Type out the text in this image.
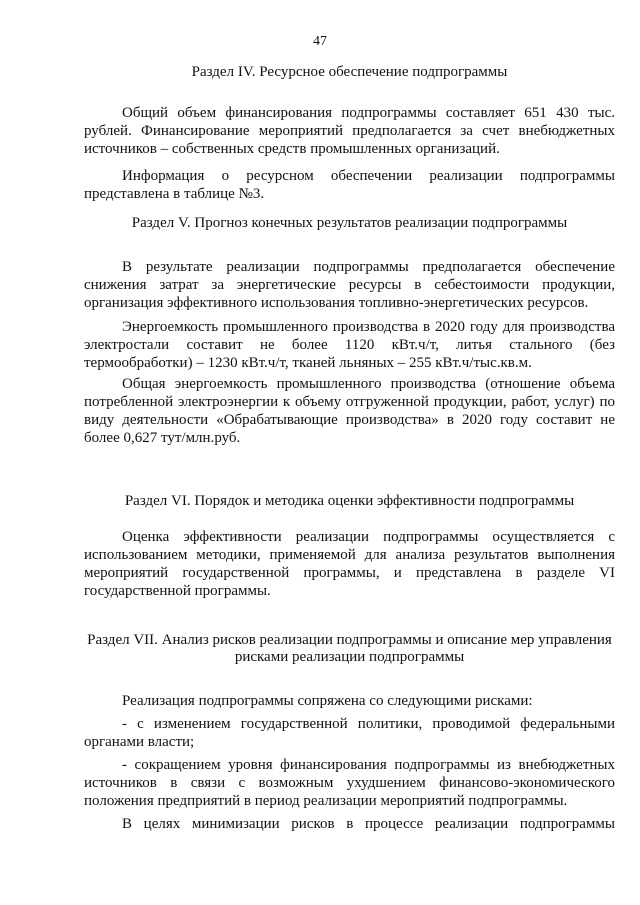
47
Раздел IV. Ресурсное обеспечение подпрограммы

Общий объем финансирования подпрограммы составляет 651 430 тыс. рублей. Финансирование мероприятий предполагается за счет внебюджетных источников – собственных средств промышленных организаций.

Информация о ресурсном обеспечении реализации подпрограммы представлена в таблице №3.

Раздел V. Прогноз конечных результатов реализации подпрограммы

В результате реализации подпрограммы предполагается обеспечение снижения затрат за энергетические ресурсы в себестоимости продукции, организация эффективного использования топливно-энергетических ресурсов.

Энергоемкость промышленного производства в 2020 году для производства электростали составит не более 1120 кВт.ч/т, литья стального (без термообработки) – 1230 кВт.ч/т, тканей льняных – 255 кВт.ч/тыс.кв.м.

Общая энергоемкость промышленного производства (отношение объема потребленной электроэнергии к объему отгруженной продукции, работ, услуг) по виду деятельности «Обрабатывающие производства» в 2020 году составит не более 0,627 тут/млн.руб.

Раздел VI. Порядок и методика оценки эффективности подпрограммы

Оценка эффективности реализации подпрограммы осуществляется с использованием методики, применяемой для анализа результатов выполнения мероприятий государственной программы, и представлена в разделе VI государственной программы.

Раздел VII. Анализ рисков реализации подпрограммы и описание мер управления рисками реализации подпрограммы

Реализация подпрограммы сопряжена со следующими рисками:

- с изменением государственной политики, проводимой федеральными органами власти;

- сокращением уровня финансирования подпрограммы из внебюджетных источников в связи с возможным ухудшением финансово-экономического положения предприятий в период реализации мероприятий подпрограммы.

В целях минимизации рисков в процессе реализации подпрограммы
